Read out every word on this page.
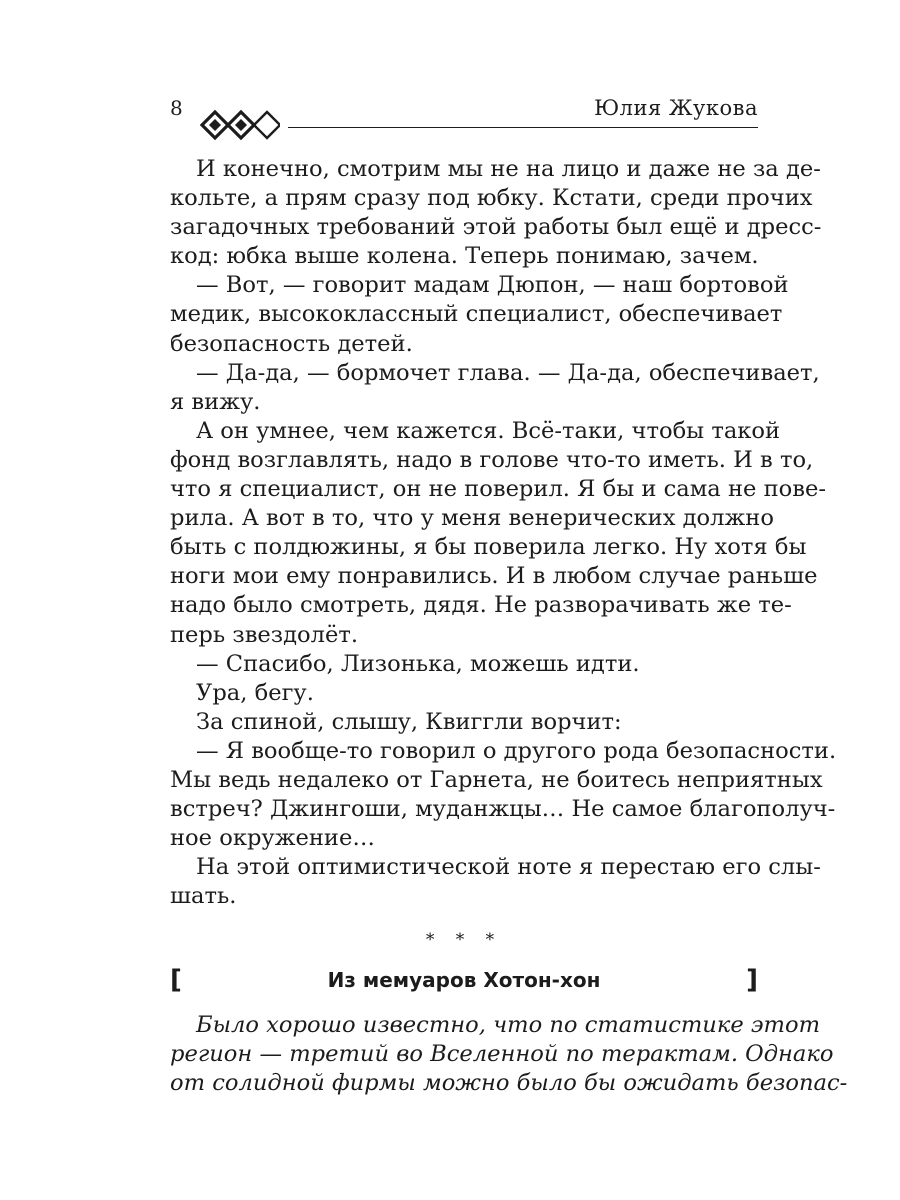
8	Юлия Жукова
И конечно, смотрим мы не на лицо и даже не за де-
кольте, а прям сразу под юбку. Кстати, среди прочих
загадочных требований этой работы был ещё и дресс-
код: юбка выше колена. Теперь понимаю, зачем.
— Вот, — говорит мадам Дюпон, — наш бортовой
медик, высококлассный специалист, обеспечивает
безопасность детей.
— Да-да, — бормочет глава. — Да-да, обеспечивает,
я вижу.
А он умнее, чем кажется. Всё-таки, чтобы такой
фонд возглавлять, надо в голове что-то иметь. И в то,
что я специалист, он не поверил. Я бы и сама не пове-
рила. А вот в то, что у меня венерических должно
быть с полдюжины, я бы поверила легко. Ну хотя бы
ноги мои ему понравились. И в любом случае раньше
надо было смотреть, дядя. Не разворачивать же те-
перь звездолёт.
— Спасибо, Лизонька, можешь идти.
Ура, бегу.
За спиной, слышу, Квиггли ворчит:
— Я вообще-то говорил о другого рода безопасности.
Мы ведь недалеко от Гарнета, не боитесь неприятных
встреч? Джингоши, муданжцы… Не самое благополуч-
ное окружение…
На этой оптимистической ноте я перестаю его слы-
шать.
* * *
[	Из мемуаров Хотон-хон	]
Было хорошо известно, что по статистике этот
регион — третий во Вселенной по терактам. Однако
от солидной фирмы можно было бы ожидать безопас-
